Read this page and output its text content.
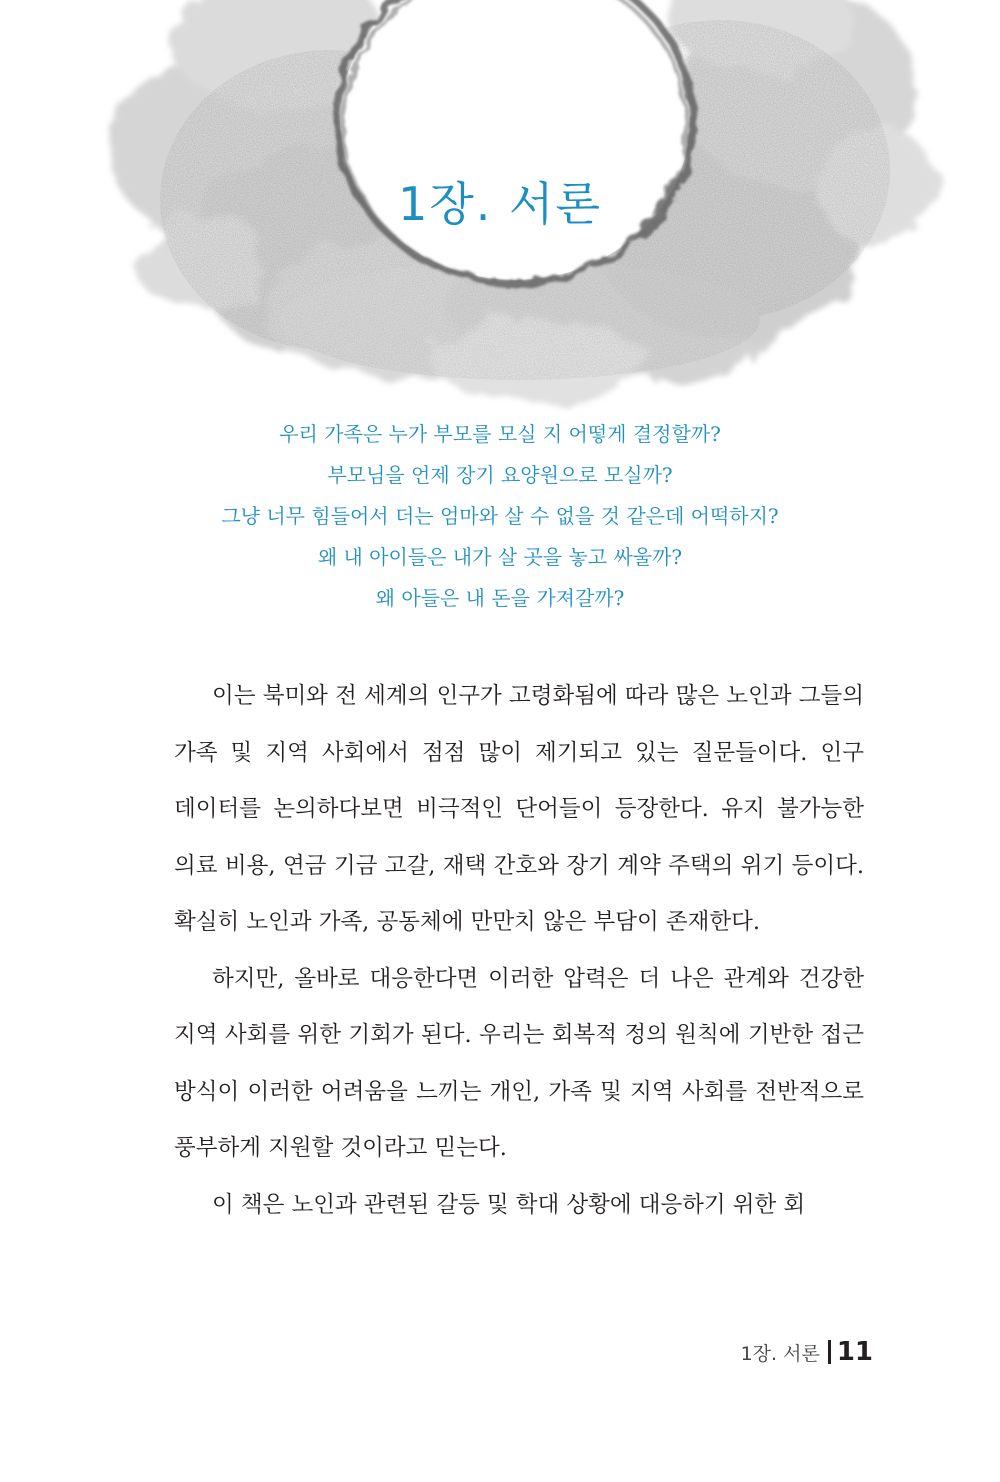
1장. 서론
우리 가족은 누가 부모를 모실 지 어떻게 결정할까?
부모님을 언제 장기 요양원으로 모실까?
그냥 너무 힘들어서 더는 엄마와 살 수 없을 것 같은데 어떡하지?
왜 내 아이들은 내가 살 곳을 놓고 싸울까?
왜 아들은 내 돈을 가져갈까?

이는 북미와 전 세계의 인구가 고령화됨에 따라 많은 노인과 그들의 가족 및 지역 사회에서 점점 많이 제기되고 있는 질문들이다. 인구 데이터를 논의하다보면 비극적인 단어들이 등장한다. 유지 불가능한 의료 비용, 연금 기금 고갈, 재택 간호와 장기 계약 주택의 위기 등이다. 확실히 노인과 가족, 공동체에 만만치 않은 부담이 존재한다.

하지만, 올바로 대응한다면 이러한 압력은 더 나은 관계와 건강한 지역 사회를 위한 기회가 된다. 우리는 회복적 정의 원칙에 기반한 접근 방식이 이러한 어려움을 느끼는 개인, 가족 및 지역 사회를 전반적으로 풍부하게 지원할 것이라고 믿는다.

이 책은 노인과 관련된 갈등 및 학대 상황에 대응하기 위한 회

1장. 서론 11
